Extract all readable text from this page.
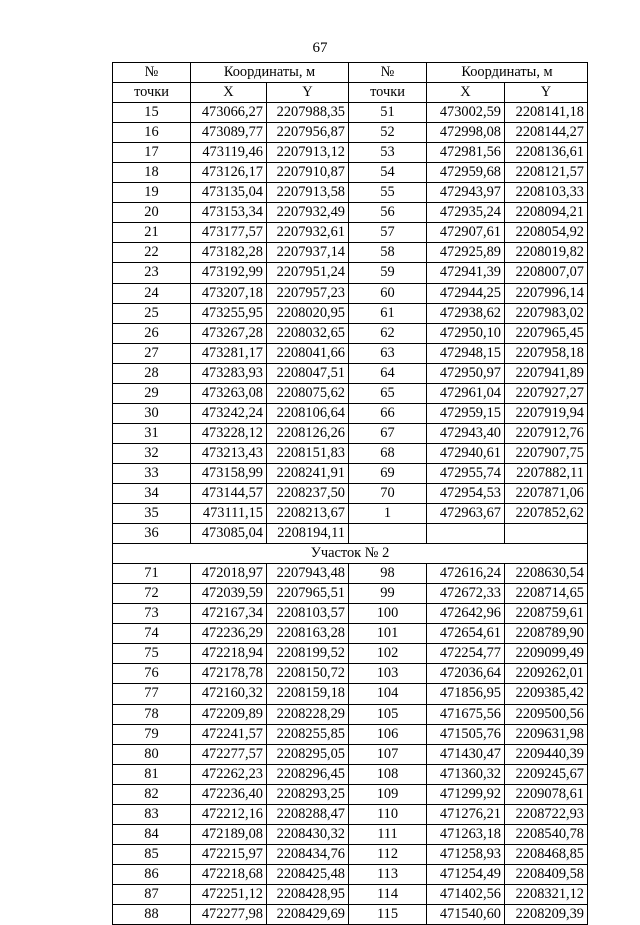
67
№	Координаты, м		№	Координаты, м	
точки	X	Y	точки	X	Y
15	473066,27	2207988,35	51	473002,59	2208141,18
16	473089,77	2207956,87	52	472998,08	2208144,27
17	473119,46	2207913,12	53	472981,56	2208136,61
18	473126,17	2207910,87	54	472959,68	2208121,57
19	473135,04	2207913,58	55	472943,97	2208103,33
20	473153,34	2207932,49	56	472935,24	2208094,21
21	473177,57	2207932,61	57	472907,61	2208054,92
22	473182,28	2207937,14	58	472925,89	2208019,82
23	473192,99	2207951,24	59	472941,39	2208007,07
24	473207,18	2207957,23	60	472944,25	2207996,14
25	473255,95	2208020,95	61	472938,62	2207983,02
26	473267,28	2208032,65	62	472950,10	2207965,45
27	473281,17	2208041,66	63	472948,15	2207958,18
28	473283,93	2208047,51	64	472950,97	2207941,89
29	473263,08	2208075,62	65	472961,04	2207927,27
30	473242,24	2208106,64	66	472959,15	2207919,94
31	473228,12	2208126,26	67	472943,40	2207912,76
32	473213,43	2208151,83	68	472940,61	2207907,75
33	473158,99	2208241,91	69	472955,74	2207882,11
34	473144,57	2208237,50	70	472954,53	2207871,06
35	473111,15	2208213,67	1	472963,67	2207852,62
36	473085,04	2208194,11			
Участок № 2					
71	472018,97	2207943,48	98	472616,24	2208630,54
72	472039,59	2207965,51	99	472672,33	2208714,65
73	472167,34	2208103,57	100	472642,96	2208759,61
74	472236,29	2208163,28	101	472654,61	2208789,90
75	472218,94	2208199,52	102	472254,77	2209099,49
76	472178,78	2208150,72	103	472036,64	2209262,01
77	472160,32	2208159,18	104	471856,95	2209385,42
78	472209,89	2208228,29	105	471675,56	2209500,56
79	472241,57	2208255,85	106	471505,76	2209631,98
80	472277,57	2208295,05	107	471430,47	2209440,39
81	472262,23	2208296,45	108	471360,32	2209245,67
82	472236,40	2208293,25	109	471299,92	2209078,61
83	472212,16	2208288,47	110	471276,21	2208722,93
84	472189,08	2208430,32	111	471263,18	2208540,78
85	472215,97	2208434,76	112	471258,93	2208468,85
86	472218,68	2208425,48	113	471254,49	2208409,58
87	472251,12	2208428,95	114	471402,56	2208321,12
88	472277,98	2208429,69	115	471540,60	2208209,39
